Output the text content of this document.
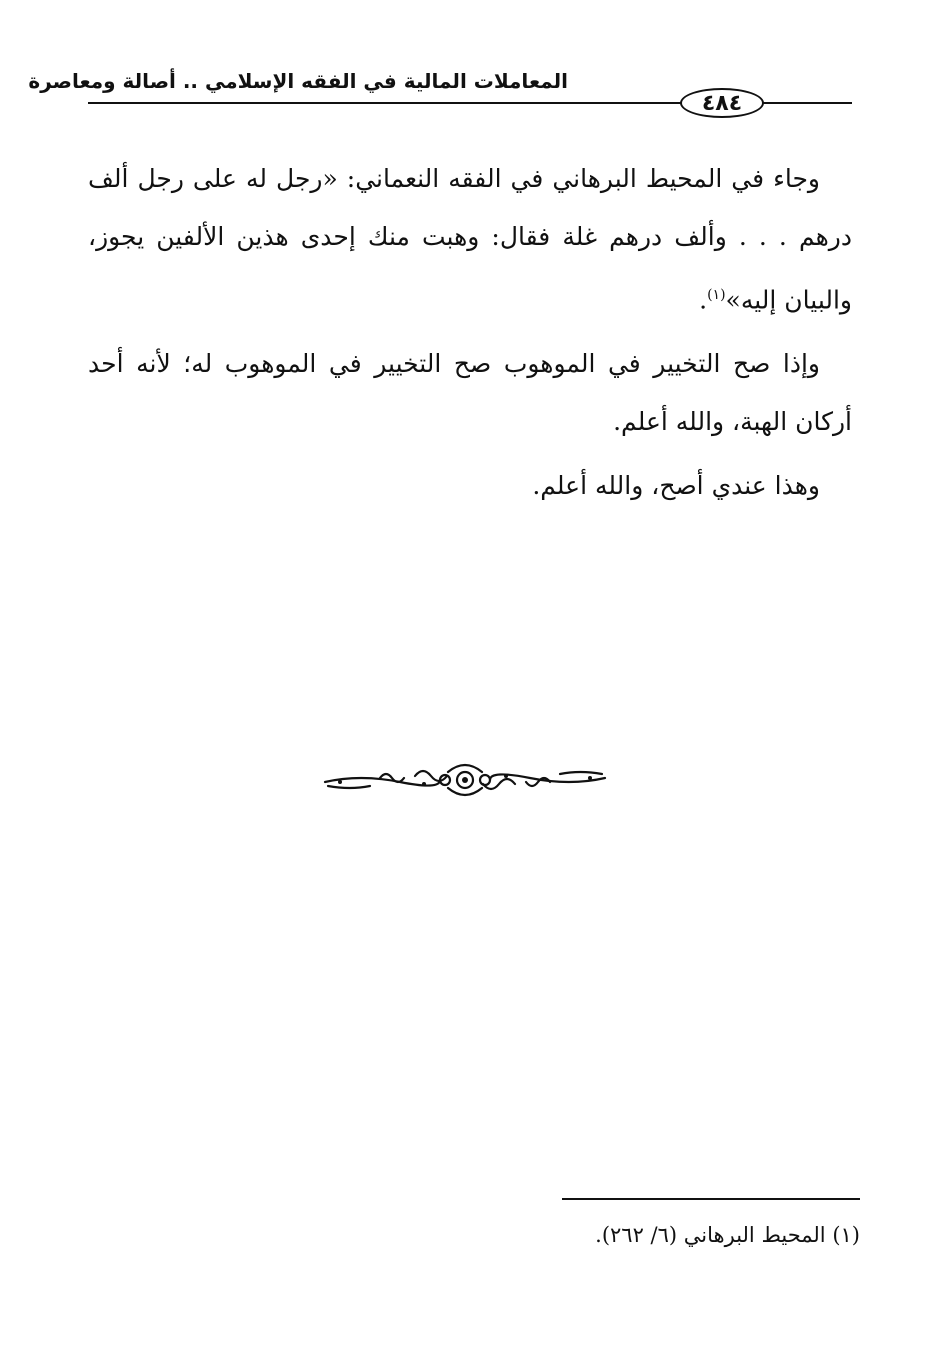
المعاملات المالية في الفقه الإسلامي .. أصالة ومعاصرة
٤٨٤

وجاء في المحيط البرهاني في الفقه النعماني: «رجل له على رجل ألف درهم . . . وألف درهم غلة فقال: وهبت منك إحدى هذين الألفين يجوز، والبيان إليه»$^{(١)}$.

وإذا صح التخيير في الموهوب صح التخيير في الموهوب له؛ لأنه أحد أركان الهبة، والله أعلم.

وهذا عندي أصح، والله أعلم.

(١) المحيط البرهاني (٦/ ٢٦٢).
